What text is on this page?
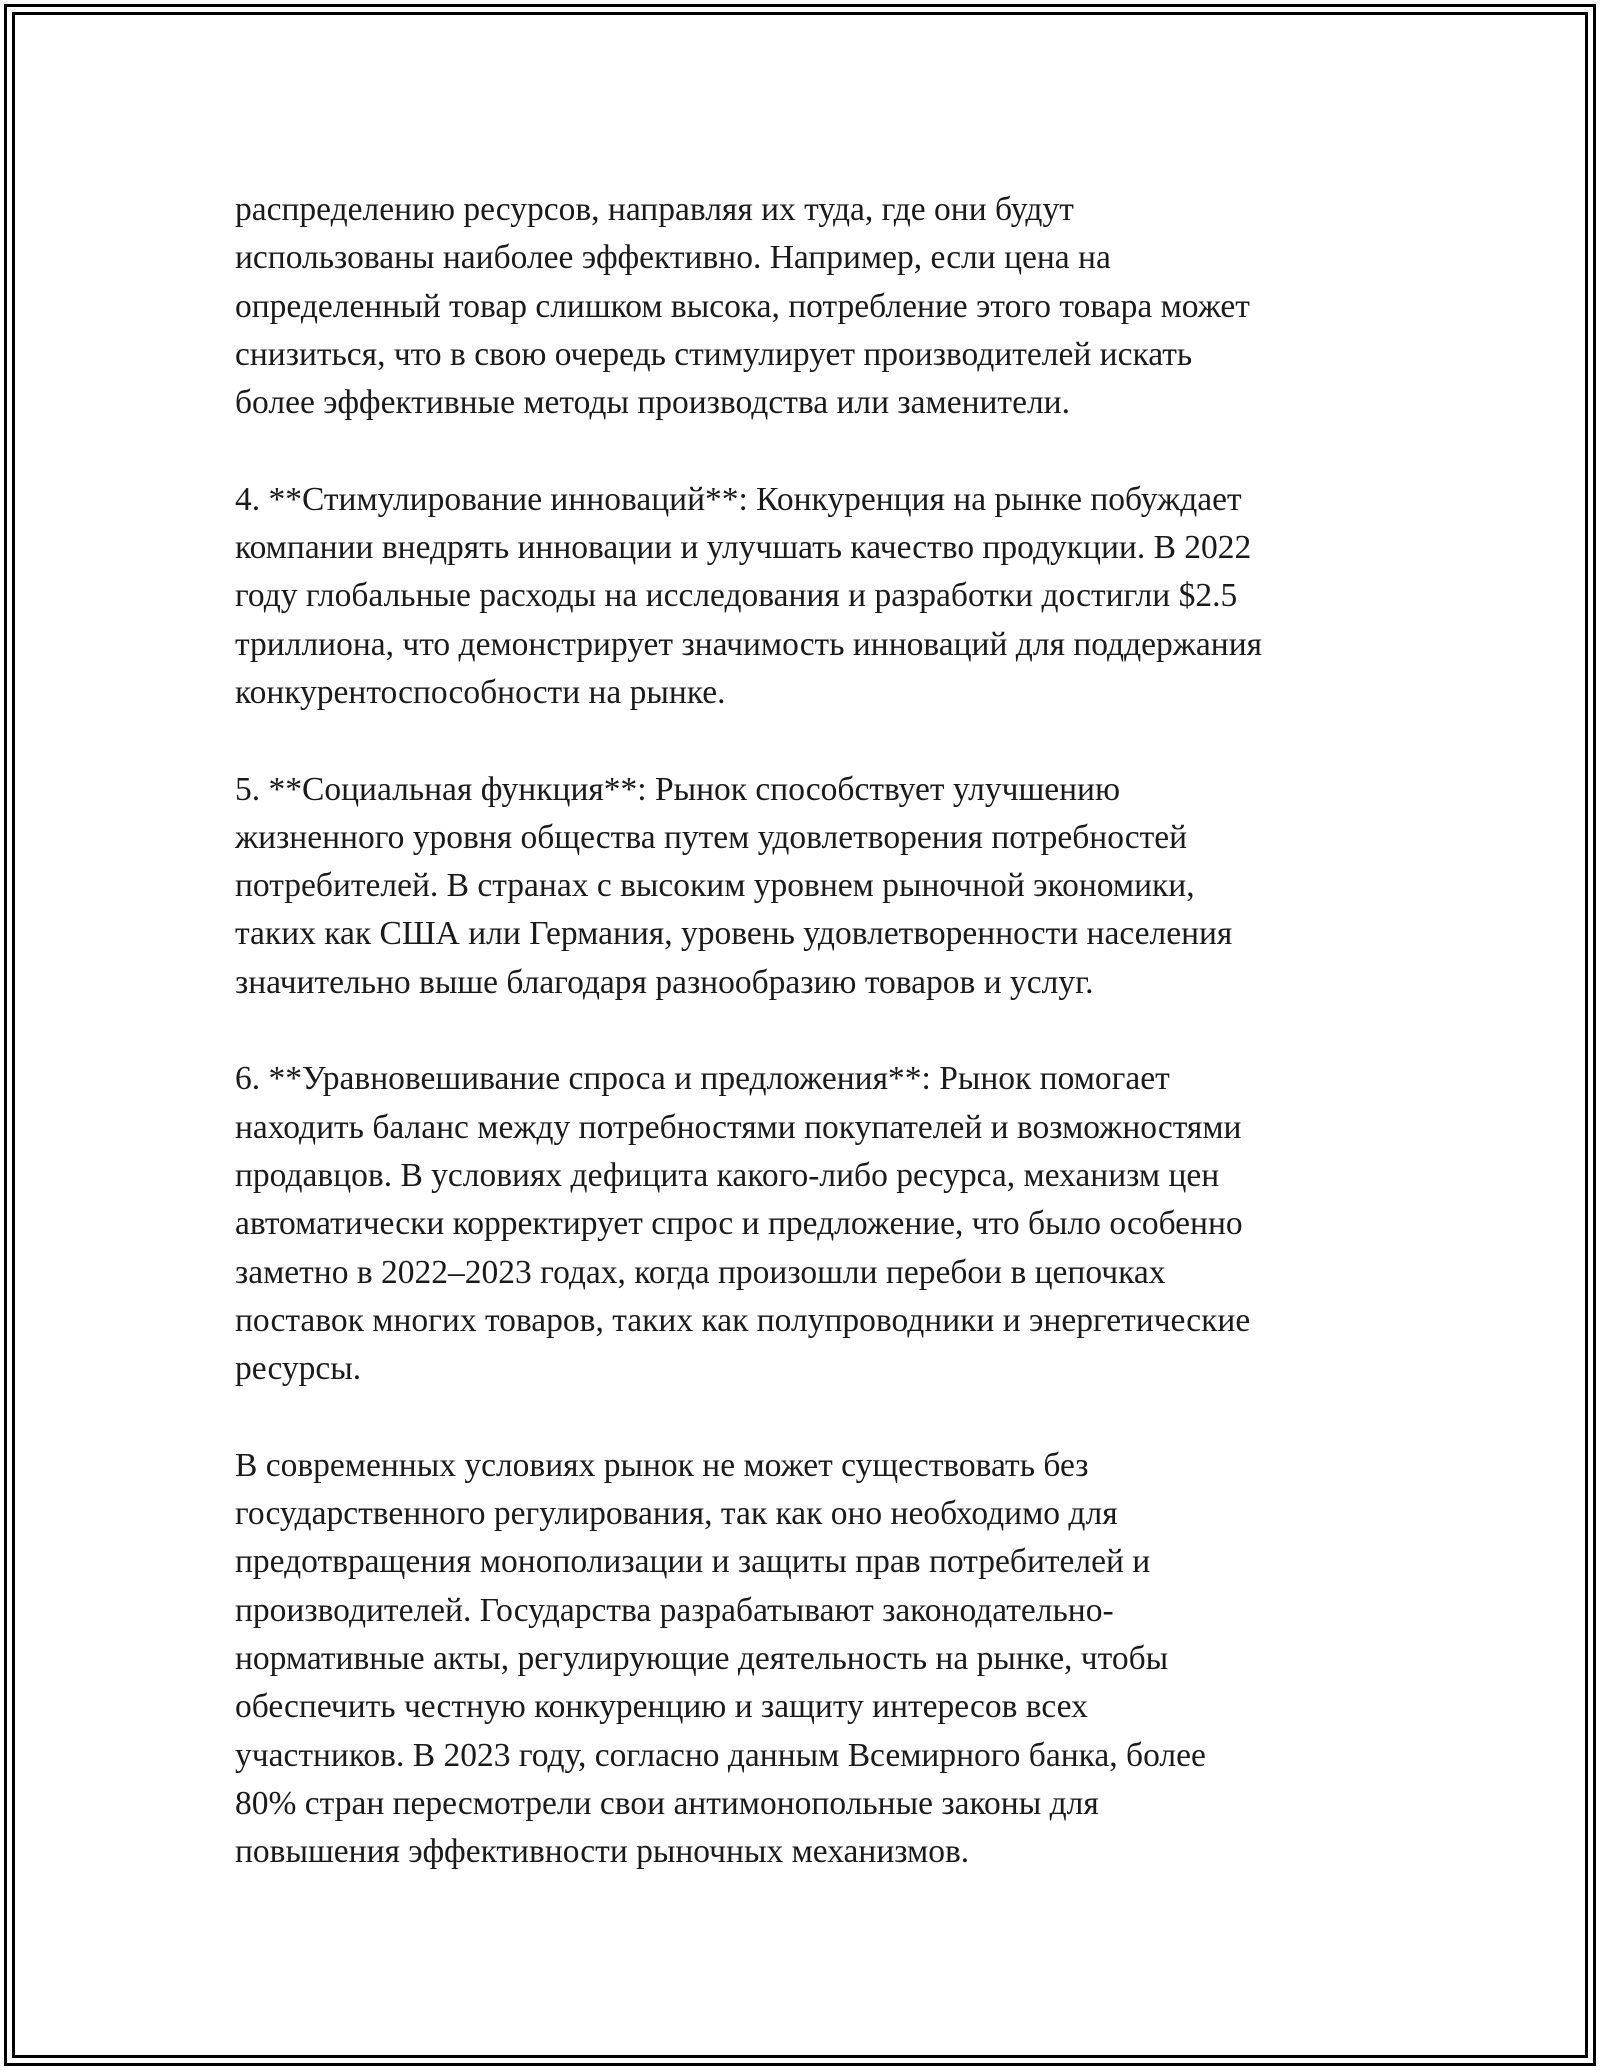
распределению ресурсов, направляя их туда, где они будут
использованы наиболее эффективно. Например, если цена на
определенный товар слишком высока, потребление этого товара может
снизиться, что в свою очередь стимулирует производителей искать
более эффективные методы производства или заменители.

4. **Стимулирование инноваций**: Конкуренция на рынке побуждает
компании внедрять инновации и улучшать качество продукции. В 2022
году глобальные расходы на исследования и разработки достигли $2.5
триллиона, что демонстрирует значимость инноваций для поддержания
конкурентоспособности на рынке.

5. **Социальная функция**: Рынок способствует улучшению
жизненного уровня общества путем удовлетворения потребностей
потребителей. В странах с высоким уровнем рыночной экономики,
таких как США или Германия, уровень удовлетворенности населения
значительно выше благодаря разнообразию товаров и услуг.

6. **Уравновешивание спроса и предложения**: Рынок помогает
находить баланс между потребностями покупателей и возможностями
продавцов. В условиях дефицита какого-либо ресурса, механизм цен
автоматически корректирует спрос и предложение, что было особенно
заметно в 2022–2023 годах, когда произошли перебои в цепочках
поставок многих товаров, таких как полупроводники и энергетические
ресурсы.

В современных условиях рынок не может существовать без
государственного регулирования, так как оно необходимо для
предотвращения монополизации и защиты прав потребителей и
производителей. Государства разрабатывают законодательно-
нормативные акты, регулирующие деятельность на рынке, чтобы
обеспечить честную конкуренцию и защиту интересов всех
участников. В 2023 году, согласно данным Всемирного банка, более
80% стран пересмотрели свои антимонопольные законы для
повышения эффективности рыночных механизмов.
